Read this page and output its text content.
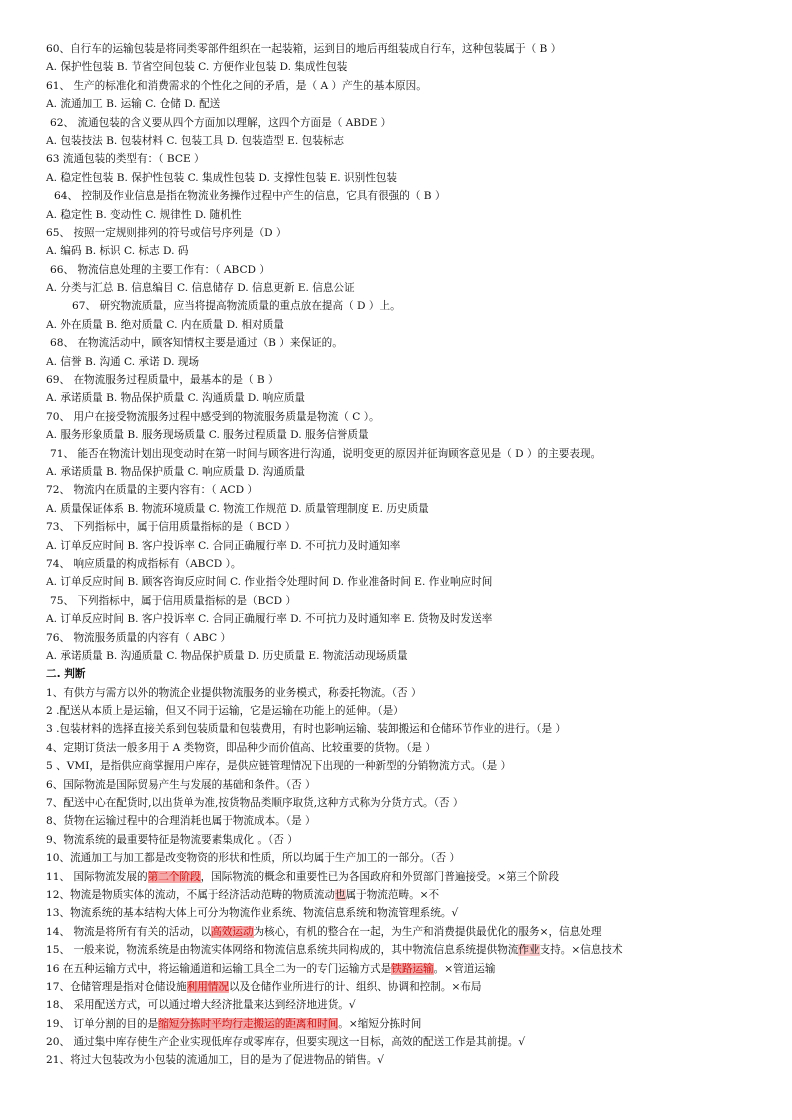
60、自行车的运输包装是将同类零部件组织在一起装箱，运到目的地后再组装成自行车，这种包装属于（ B ）
A. 保护性包装 B. 节省空间包装 C. 方便作业包装 D. 集成性包装
61、 生产的标准化和消费需求的个性化之间的矛盾，是（ A ）产生的基本原因。
A. 流通加工 B. 运输 C. 仓储 D. 配送
62、 流通包装的含义要从四个方面加以理解，这四个方面是（ ABDE ）
A. 包装技法 B. 包装材料 C. 包装工具 D. 包装造型 E. 包装标志
63 流通包装的类型有：（ BCE ）
A. 稳定性包装 B. 保护性包装 C. 集成性包装 D. 支撑性包装 E. 识别性包装
64、 控制及作业信息是指在物流业务操作过程中产生的信息，它具有很强的（ B ）
A. 稳定性 B. 变动性 C. 规律性 D. 随机性
65、 按照一定规则排列的符号或信号序列是（D ）
A. 编码 B. 标识 C. 标志 D. 码
66、 物流信息处理的主要工作有：（ ABCD ）
A. 分类与汇总 B. 信息编目 C. 信息储存 D. 信息更新 E. 信息公证
67、 研究物流质量，应当将提高物流质量的重点放在提高（ D ）上。
A. 外在质量 B. 绝对质量 C. 内在质量 D. 相对质量
68、 在物流活动中，顾客知情权主要是通过（B ）来保证的。
A. 信誉 B. 沟通 C. 承诺 D. 现场
69、 在物流服务过程质量中，最基本的是（ B ）
A. 承诺质量 B. 物品保护质量 C. 沟通质量 D. 响应质量
70、 用户在接受物流服务过程中感受到的物流服务质量是物流（ C ）。
A. 服务形象质量 B. 服务现场质量 C. 服务过程质量 D. 服务信誉质量
71、 能否在物流计划出现变动时在第一时间与顾客进行沟通，说明变更的原因并征询顾客意见是（ D ）的主要表现。
A. 承诺质量 B. 物品保护质量 C. 响应质量 D. 沟通质量
72、 物流内在质量的主要内容有：（ ACD ）
A. 质量保证体系 B. 物流环境质量 C. 物流工作规范 D. 质量管理制度 E. 历史质量
73、 下列指标中，属于信用质量指标的是（ BCD ）
A. 订单反应时间 B. 客户投诉率 C. 合同正确履行率 D. 不可抗力及时通知率
74、 响应质量的构成指标有（ABCD ）。
A. 订单反应时间 B. 顾客咨询反应时间 C. 作业指令处理时间 D. 作业准备时间 E. 作业响应时间
75、 下列指标中，属于信用质量指标的是（BCD ）
A. 订单反应时间 B. 客户投诉率 C. 合同正确履行率 D. 不可抗力及时通知率 E. 货物及时发送率
76、 物流服务质量的内容有（ ABC ）
A. 承诺质量 B. 沟通质量 C. 物品保护质量 D. 历史质量 E. 物流活动现场质量
二. 判断
1、有供方与需方以外的物流企业提供物流服务的业务模式，称委托物流。（否 ）
2 .配送从本质上是运输，但又不同于运输，它是运输在功能上的延伸。（是）
3 .包装材料的选择直接关系到包装质量和包装费用，有时也影响运输、装卸搬运和仓储环节作业的进行。（是 ）
4、定期订货法一般多用于 A 类物资，即品种少而价值高、比较重要的货物。（是 ）
5 、VMI，是指供应商掌握用户库存，是供应链管理情况下出现的一种新型的分销物流方式。（是 ）
6、国际物流是国际贸易产生与发展的基础和条件。（否 ）
7、配送中心在配货时,以出货单为准,按货物品类顺序取货,这种方式称为分货方式。（否 ）
8、货物在运输过程中的合理消耗也属于物流成本。（是 ）
9、物流系统的最重要特征是物流要素集成化 。（否 ）
10、流通加工与加工都是改变物资的形状和性质，所以均属于生产加工的一部分。（否 ）
11、 国际物流发展的第二个阶段，国际物流的概念和重要性已为各国政府和外贸部门普遍接受。×第三个阶段
12、物流是物质实体的流动，不属于经济活动范畴的物质流动也属于物流范畴。×不
13、物流系统的基本结构大体上可分为物流作业系统、物流信息系统和物流管理系统。√
14、 物流是将所有有关的活动，以高效运动为核心，有机的整合在一起，为生产和消费提供最优化的服务×，信息处理
15、 一般来说，物流系统是由物流实体网络和物流信息系统共同构成的，其中物流信息系统提供物流作业支持。×信息技术
16 在五种运输方式中，将运输通道和运输工具全二为一的专门运输方式是铁路运输。×管道运输
17、仓储管理是指对仓储设施利用情况以及仓储作业所进行的计、组织、协调和控制。×布局
18、 采用配送方式，可以通过增大经济批量来达到经济地进货。√
19、 订单分割的目的是缩短分拣时平均行走搬运的距离和时间。×缩短分拣时间
20、 通过集中库存使生产企业实现低库存或零库存，但要实现这一目标，高效的配送工作是其前提。√
21、将过大包装改为小包装的流通加工，目的是为了促进物品的销售。√
